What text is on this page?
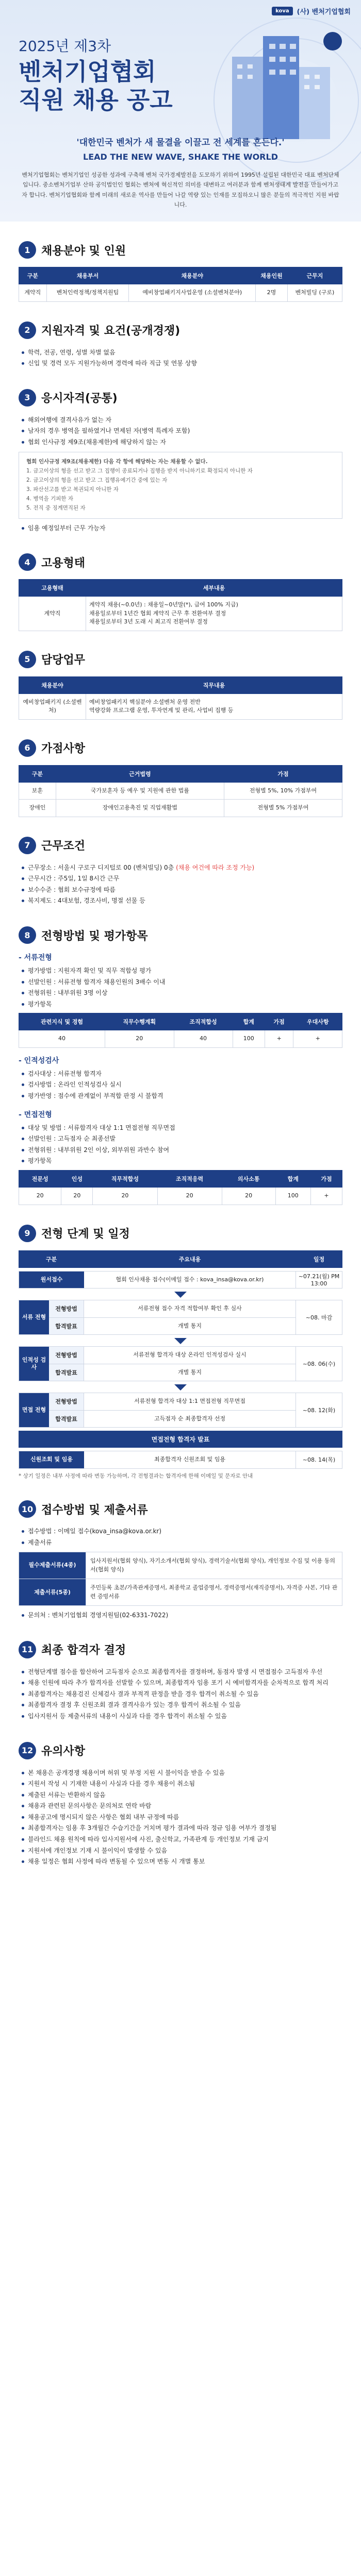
kova	(사) 벤처기업협회
2025년 제3차
벤처기업협회
직원 채용 공고
'대한민국 벤처가 새 물결을 이끌고 전 세계를 흔든다.'
LEAD THE NEW WAVE, SHAKE THE WORLD
벤처기업협회는 벤처기업인 성공한 성과에 구축해 벤처 국가경제발전을 도모하기 위하여 1995년 설립된 대한민국 대표 벤처단체입니다. 중소벤처기업부 산하 공익법인인 협회는 벤처에 혁신적인 의미를 대변하고 여러분과 함께 벤처생태계 발전을 만들어가고자 합니다. 벤처기업협회와 함께 미래의 새로운 역사를 만들어 나갈 역량 있는 인재를 모집하오니 많은 분들의 적극적인 지원 바랍니다.
1 채용분야 및 인원
구분	채용부서	채용분야	채용인원	근무지
계약직	벤처인력정책/정책지원팀	예비창업패키지사업운영 (소셜벤처분야)	2명	벤처빌딩 (구로)
2 지원자격 및 요건(공개경쟁)
학력, 전공, 연령, 성별 차별 없음
신입 및 경력 모두 지원가능하며 경력에 따라 직급 및 연봉 상향
3 응시자격(공통)
해외여행에 결격사유가 없는 자
남자의 경우 병역을 필하였거나 면제된 자(병역 특례자 포함)
협회 인사규정 제9조(채용제한)에 해당하지 않는 자
협회 인사규정 제9조(채용제한) 다음 각 항에 해당하는 자는 채용할 수 없다.
1. 금고이상의 형을 선고 받고 그 집행이 종료되거나 집행을 받지 아니하기로 확정되지 아니한 자
2. 금고이상의 형을 선고 받고 그 집행유예기간 중에 있는 자
3. 파산선고를 받고 복권되지 아니한 자
4. 병역을 기피한 자
5. 전직 중 징계면직된 자
임용 예정일부터 근무 가능자
4 고용형태
고용형태	세부내용
계약직	계약직 채용(~0.0년) : 채용일~0년말(*), 급여 100% 지급)
채용일로부터 1년간 협회 계약직 근무 후 전환여부 결정
채용일로부터 3년 도래 시 최고직 전환여부 결정
5 담당업무
채용분야	직무내용
예비창업패키지 (소셜벤처)	예비창업패키지 핵심분야 소셜벤처 운영 전반
역량강화 프로그램 운영, 투자연계 및 관리, 사업비 집행 등
6 가점사항
구분	근거법령	가점
보훈	국가보훈자 등 예우 및 지원에 관한 법률	전형별 5%, 10% 가점부여
장애인	장애인고용촉진 및 직업재활법	전형별 5% 가점부여
7 근무조건
근무장소 : 서울시 구로구 디지털로 00 (벤처빌딩) 0층 (채용 여건에 따라 조정 가능)
근무시간 : 주5일, 1일 8시간 근무
보수수준 : 협회 보수규정에 따름
복지제도 : 4대보험, 경조사비, 명절 선물 등
8 전형방법 및 평가항목
- 서류전형
평가방법 : 지원자격 확인 및 직무 적합성 평가
선발인원 : 서류전형 합격자 채용인원의 3배수 이내
전형위원 : 내부위원 3명 이상
평가항목
관련지식 및 경험	직무수행계획	조직적합성	합계	가점	우대사항
40	20	40	100	+	+
- 인적성검사
검사대상 : 서류전형 합격자
검사방법 : 온라인 인적성검사 실시
평가반영 : 점수에 관계없이 부적합 판정 시 불합격
- 면접전형
대상 및 방법 : 서류합격자 대상 1:1 면접전형 직무면접
선발인원 : 고득점자 순 최종선발
전형위원 : 내부위원 2인 이상, 외부위원 과반수 참여
평가항목
전문성	인성	직무적합성	조직적응력	의사소통	합계	가점
20	20	20	20	20	100	+
9 전형 단계 및 일정
구분	주요내용	일정
원서접수	협회 인사채용 접수(이메일 접수 : kova_insa@kova.or.kr)	~07.21(월) PM 13:00
서류 전형
전형방법	서류전형 접수 자격 적합여부 확인 후 심사
합격발표	개별 통지
~08. 마감
인적성 검사
전형방법	서류전형 합격자 대상 온라인 인적성검사 실시
합격발표	개별 통지
~08. 06(수)
면접 전형
전형방법	서류전형 합격자 대상 1:1 면접전형 직무면접
합격발표	고득점자 순 최종합격자 선정
~08. 12(화)
면접전형 합격자 발표
신원조회 및 임용	최종합격자 신원조회 및 임용	~08. 14(목)
* 상기 일정은 내부 사정에 따라 변동 가능하며, 각 전형결과는 합격자에 한해 이메일 및 문자로 안내
10 접수방법 및 제출서류
접수방법 : 이메일 접수(kova_insa@kova.or.kr)
제출서류
필수제출서류(4종)	입사지원서(협회 양식), 자기소개서(협회 양식), 경력기술서(협회 양식), 개인정보 수집 및 이용 동의서(협회 양식)
제출서류(5종)	주민등록 초본/가족관계증명서, 최종학교 졸업증명서, 경력증명서(재직증명서), 자격증 사본, 기타 관련 증빙서류
문의처 : 벤처기업협회 경영지원팀(02-6331-7022)
11 최종 합격자 결정
전형단계별 점수를 합산하여 고득점자 순으로 최종합격자를 결정하며, 동점자 발생 시 면접점수 고득점자 우선
채용 인원에 따라 추가 합격자를 선발할 수 있으며, 최종합격자 임용 포기 시 예비합격자를 순차적으로 합격 처리
최종합격자는 채용검진 신체검사 결과 부적격 판정을 받을 경우 합격이 취소될 수 있음
최종합격자 결정 후 신원조회 결과 결격사유가 있는 경우 합격이 취소될 수 있음
입사지원서 등 제출서류의 내용이 사실과 다를 경우 합격이 취소될 수 있음
12 유의사항
본 채용은 공개경쟁 채용이며 허위 및 부정 지원 시 불이익을 받을 수 있음
지원서 작성 시 기재한 내용이 사실과 다를 경우 채용이 취소됨
제출된 서류는 반환하지 않음
채용과 관련된 문의사항은 문의처로 연락 바람
채용공고에 명시되지 않은 사항은 협회 내부 규정에 따름
최종합격자는 임용 후 3개월간 수습기간을 거치며 평가 결과에 따라 정규 임용 여부가 결정됨
블라인드 채용 원칙에 따라 입사지원서에 사진, 출신학교, 가족관계 등 개인정보 기재 금지
지원서에 개인정보 기재 시 불이익이 발생할 수 있음
채용 일정은 협회 사정에 따라 변동될 수 있으며 변동 시 개별 통보
